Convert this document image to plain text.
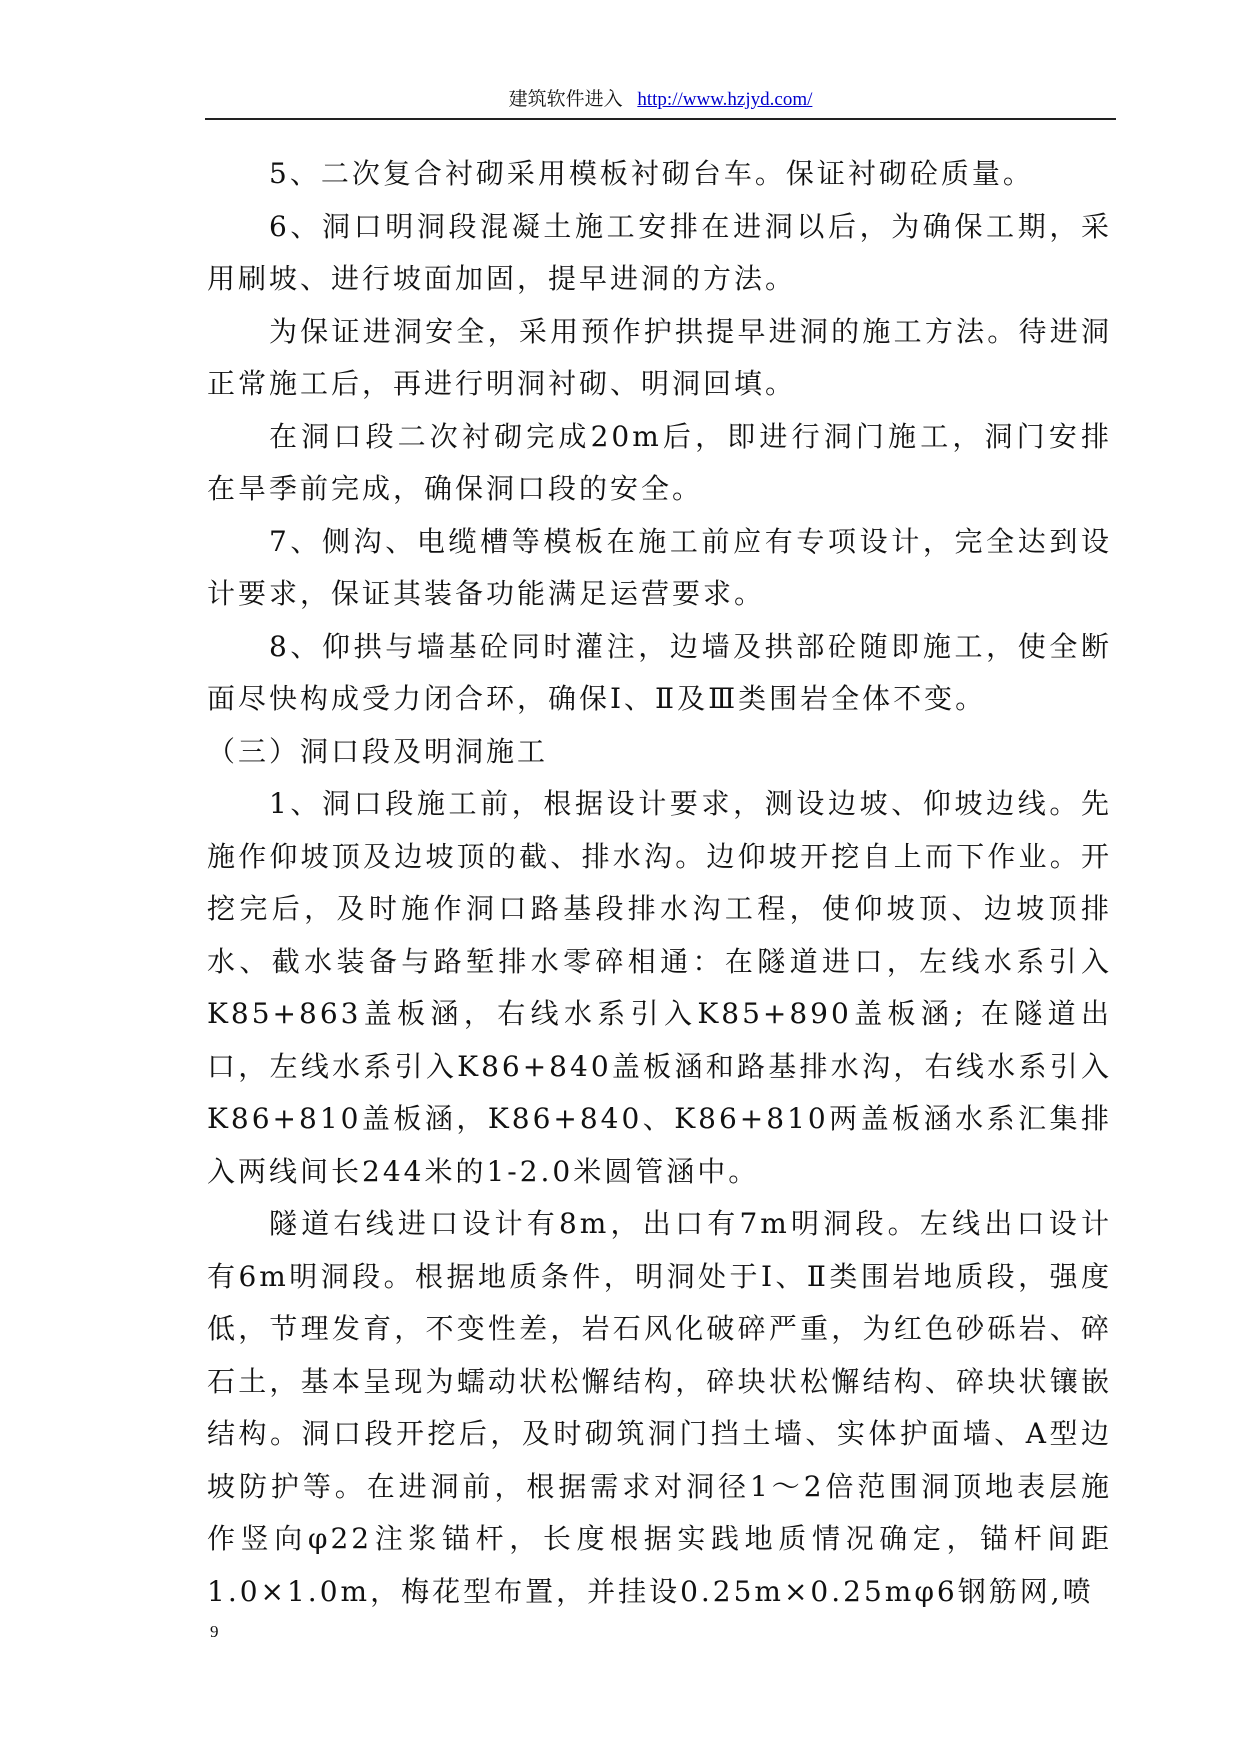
建筑软件进入 http://www.hzjyd.com/

5、二次复合衬砌采用模板衬砌台车。保证衬砌砼质量。

6、洞口明洞段混凝土施工安排在进洞以后，为确保工期，采用刷坡、进行坡面加固，提早进洞的方法。

为保证进洞安全，采用预作护拱提早进洞的施工方法。待进洞正常施工后，再进行明洞衬砌、明洞回填。

在洞口段二次衬砌完成20m后，即进行洞门施工，洞门安排在旱季前完成，确保洞口段的安全。

7、侧沟、电缆槽等模板在施工前应有专项设计，完全达到设计要求，保证其装备功能满足运营要求。

8、仰拱与墙基砼同时灌注，边墙及拱部砼随即施工，使全断面尽快构成受力闭合环，确保Ⅰ、Ⅱ及Ⅲ类围岩全体不变。

（三）洞口段及明洞施工

1、洞口段施工前，根据设计要求，测设边坡、仰坡边线。先施作仰坡顶及边坡顶的截、排水沟。边仰坡开挖自上而下作业。开挖完后，及时施作洞口路基段排水沟工程，使仰坡顶、边坡顶排水、截水装备与路堑排水零碎相通：在隧道进口，左线水系引入K85+863盖板涵，右线水系引入K85+890盖板涵; 在隧道出口，左线水系引入K86+840盖板涵和路基排水沟，右线水系引入K86+810盖板涵，K86+840、K86+810两盖板涵水系汇集排入两线间长244米的1-2.0米圆管涵中。

隧道右线进口设计有8m，出口有7m明洞段。左线出口设计有6m明洞段。根据地质条件，明洞处于Ⅰ、Ⅱ类围岩地质段，强度低，节理发育，不变性差，岩石风化破碎严重，为红色砂砾岩、碎石土，基本呈现为蠕动状松懈结构，碎块状松懈结构、碎块状镶嵌结构。洞口段开挖后，及时砌筑洞门挡土墙、实体护面墙、A型边坡防护等。在进洞前，根据需求对洞径1～2倍范围洞顶地表层施作竖向φ22注浆锚杆，长度根据实践地质情况确定，锚杆间距1.0×1.0m，梅花型布置，并挂设0.25m×0.25mφ6钢筋网,喷

9
